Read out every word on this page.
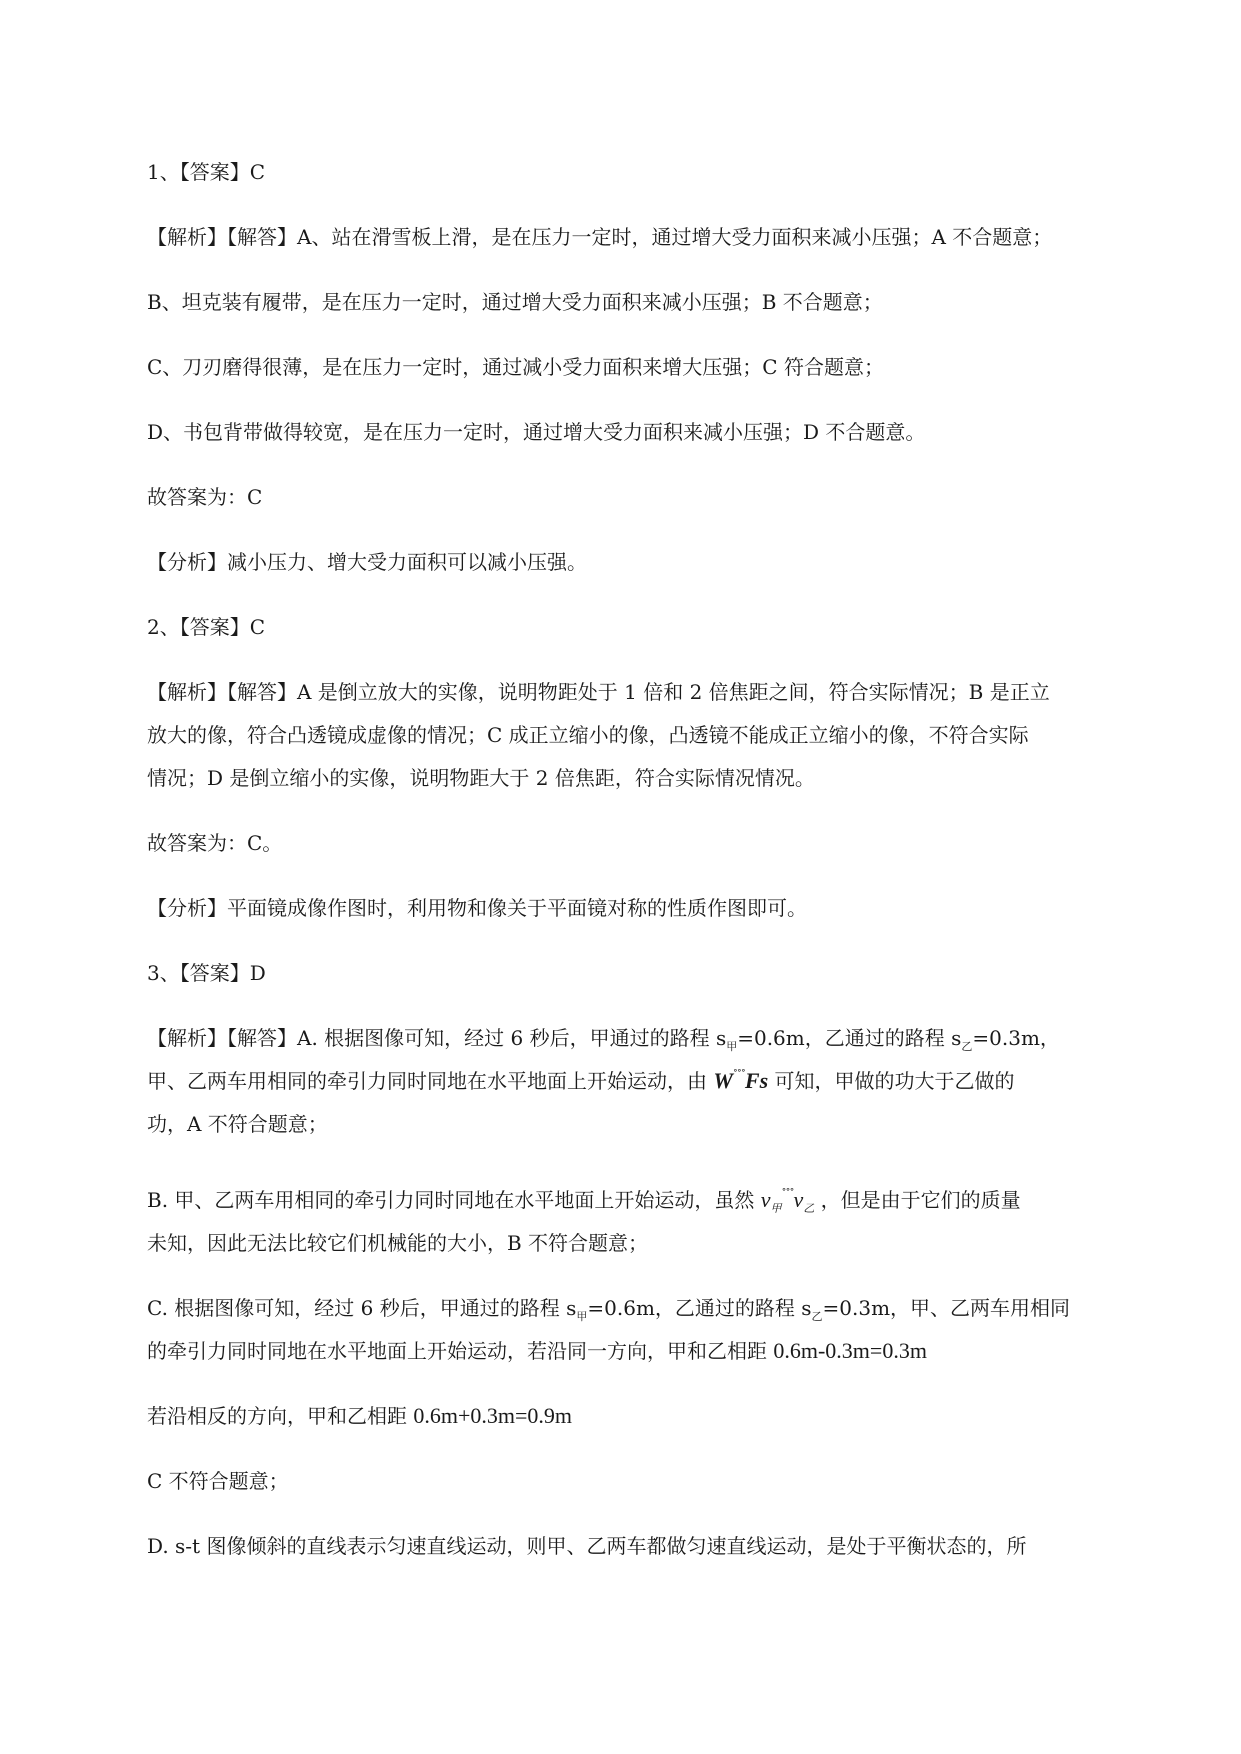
1、【答案】C
【解析】【解答】A、站在滑雪板上滑，是在压力一定时，通过增大受力面积来减小压强；A 不合题意；
B、坦克装有履带，是在压力一定时，通过增大受力面积来减小压强；B 不合题意；
C、刀刃磨得很薄，是在压力一定时，通过减小受力面积来增大压强；C 符合题意；
D、书包背带做得较宽，是在压力一定时，通过增大受力面积来减小压强；D 不合题意。
故答案为：C
【分析】减小压力、增大受力面积可以减小压强。
2、【答案】C
【解析】【解答】A 是倒立放大的实像，说明物距处于 1 倍和 2 倍焦距之间，符合实际情况；B 是正立
放大的像，符合凸透镜成虚像的情况；C 成正立缩小的像，凸透镜不能成正立缩小的像，不符合实际
情况；D 是倒立缩小的实像，说明物距大于 2 倍焦距，符合实际情况情况。
故答案为：C。
【分析】平面镜成像作图时，利用物和像关于平面镜对称的性质作图即可。
3、【答案】D
【解析】【解答】A. 根据图像可知，经过 6 秒后，甲通过的路程 $s_甲=0.6m$，乙通过的路程 $s_乙=0.3m$，
甲、乙两车用相同的牵引力同时同地在水平地面上开始运动，由 W˚˚˚Fs 可知，甲做的功大于乙做的
功，A 不符合题意；
B. 甲、乙两车用相同的牵引力同时同地在水平地面上开始运动，虽然 $v_甲^{˚˚˚}v_乙$ ，但是由于它们的质量
未知，因此无法比较它们机械能的大小，B 不符合题意；
C. 根据图像可知，经过 6 秒后，甲通过的路程 $s_甲=0.6m$，乙通过的路程 $s_乙=0.3m$，甲、乙两车用相同
的牵引力同时同地在水平地面上开始运动，若沿同一方向，甲和乙相距 0.6m-0.3m=0.3m
若沿相反的方向，甲和乙相距 0.6m+0.3m=0.9m
C 不符合题意；
D. s-t 图像倾斜的直线表示匀速直线运动，则甲、乙两车都做匀速直线运动，是处于平衡状态的，所
